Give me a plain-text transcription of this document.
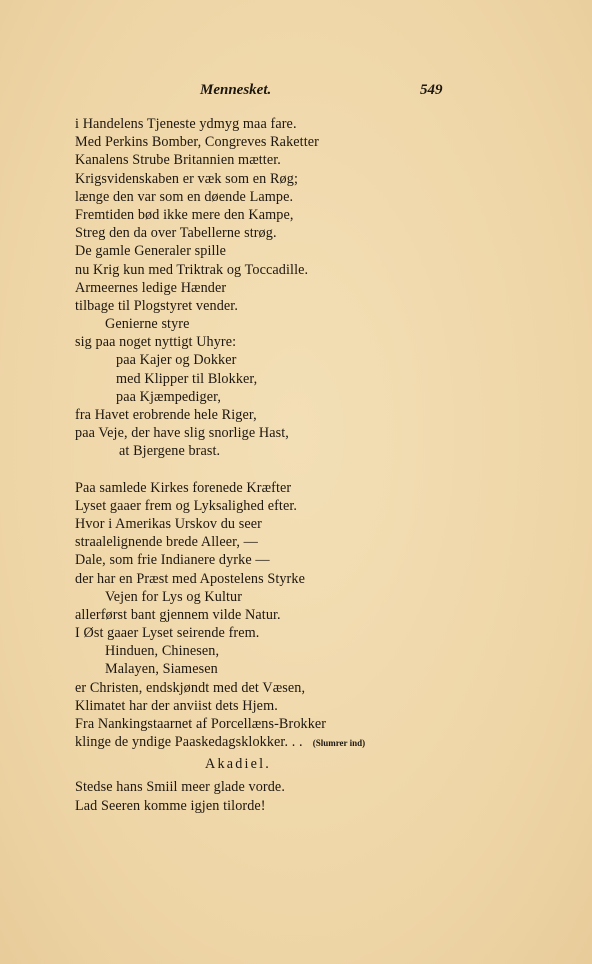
Mennesket.	549
i Handelens Tjeneste ydmyg maa fare.
Med Perkins Bomber, Congreves Raketter
Kanalens Strube Britannien mætter.
Krigsvidenskaben er væk som en Røg;
længe den var som en døende Lampe.
Fremtiden bød ikke mere den Kampe,
Streg den da over Tabellerne strøg.
De gamle Generaler spille
nu Krig kun med Triktrak og Toccadille.
Armeernes ledige Hænder
tilbage til Plogstyret vender.
Genierne styre
sig paa noget nyttigt Uhyre:
paa Kajer og Dokker
med Klipper til Blokker,
paa Kjæmpediger,
fra Havet erobrende hele Riger,
paa Veje, der have slig snorlige Hast,
at Bjergene brast.
Paa samlede Kirkes forenede Kræfter
Lyset gaaer frem og Lyksalighed efter.
Hvor i Amerikas Urskov du seer
straalelignende brede Alleer, —
Dale, som frie Indianere dyrke —
der har en Præst med Apostelens Styrke
Vejen for Lys og Kultur
allerførst bant gjennem vilde Natur.
I Øst gaaer Lyset seirende frem.
Hinduen, Chinesen,
Malayen, Siamesen
er Christen, endskjøndt med det Væsen,
Klimatet har der anviist dets Hjem.
Fra Nankingstaarnet af Porcellæns-Brokker
klinge de yndige Paaskedagsklokker. . . (Slumrer ind)
Akadiel.
Stedse hans Smiil meer glade vorde.
Lad Seeren komme igjen tilorde!
